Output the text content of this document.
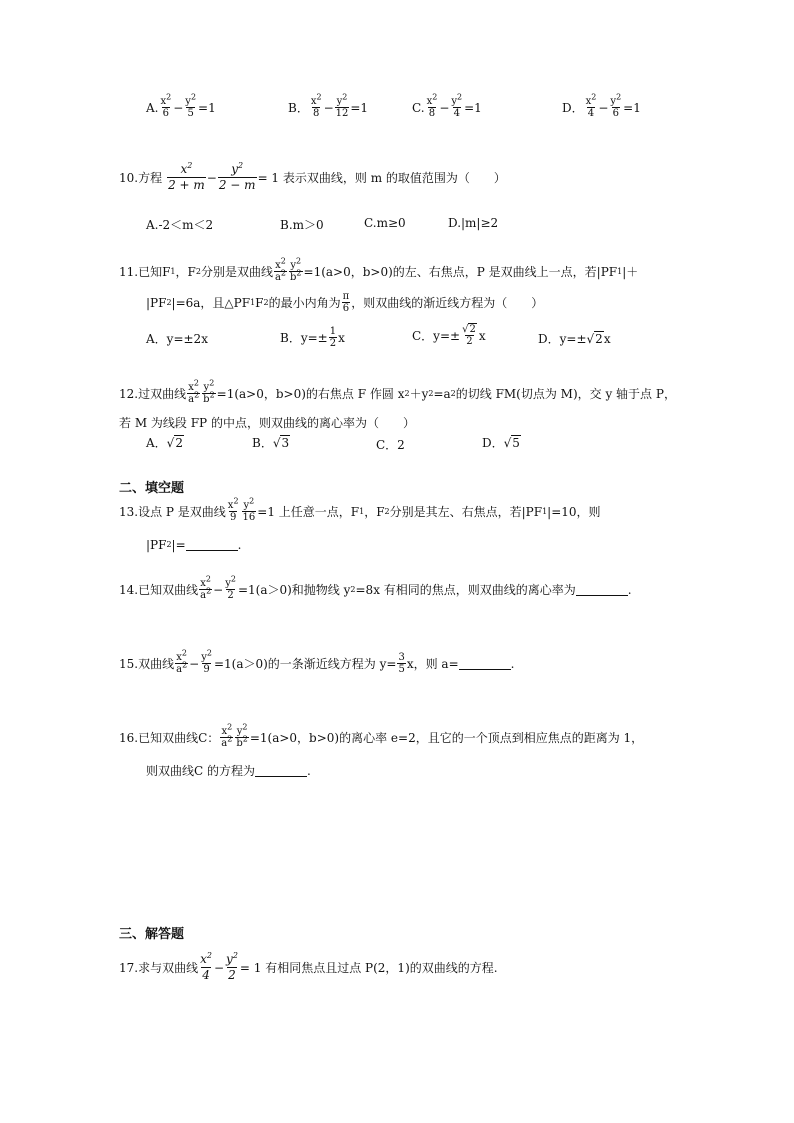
A. $\frac{x^2}{6} - \frac{y^2}{5} =1$	B． $\frac{x^2}{8} - \frac{y^2}{12} =1$	C. $\frac{x^2}{8} - \frac{y^2}{4} =1$	D． $\frac{x^2}{4} - \frac{y^2}{6} =1$
10.方程 $\frac{x^2}{2 + m} - \frac{y^2}{2 - m} = 1$ 表示双曲线，则 m 的取值范围为（　　）
A.-2＜m＜2	B.m＞0	C.m≥0	D.|m|≥2
11.已知F 1 ，F 2 分别是双曲线 $\frac{x^2}{a^2} \frac{y^2}{b^2} =1(a>0$，b>0)的左、右焦点，P 是双曲线上一点，若|PF 1 |＋
|PF 2 |=6a，且△PF 1 F 2 的最小内角为 $\frac{\pi}{6}$ ，则双曲线的渐近线方程为（　　）
A．y=±2x	B．$y=\pm \frac{1}{2}$ x	C．$y=\pm \frac{√2}{2}$ x	D．y=± √ 2 x
12.过双曲线 $\frac{x^2}{a^2} \frac{y^2}{b^2} =1(a>0$，b>0)的右焦点 F 作圆 x 2 ＋y 2 =a 2 的切线 FM(切点为 M)，交 y 轴于点 P，
若 M 为线段 FP 的中点，则双曲线的离心率为（　　）
A． √ 2	B． √ 3	C．2	D． √ 5
二、填空题
13.设点 P 是双曲线 $\frac{x^2}{9} \frac{y^2}{16} =1$ 上任意一点，F 1 ，F 2 分别是其左、右焦点，若|PF 1 |=10，则
|PF 2 |=	.
14.已知双曲线 $\frac{x^2}{a^2} - \frac{y^2}{2} =1(a>0)$和抛物线 y 2 =8x 有相同的焦点，则双曲线的离心率为	.
15.双曲线 $\frac{x^2}{a^2} - \frac{y^2}{9} =1(a>0)$的一条渐近线方程为 $y= \frac{3}{5}$ x，则 a=	.
16.已知双曲线C： $\frac{x^2}{a^2} \frac{y^2}{b^2} =1(a>0$，b>0)的离心率 e=2，且它的一个顶点到相应焦点的距离为 1，
则双曲线C 的方程为	.
三、解答题
17.求与双曲线 $\frac{x^2}{4} - \frac{y^2}{2} = 1$ 有相同焦点且过点 P(2，1)的双曲线的方程.
